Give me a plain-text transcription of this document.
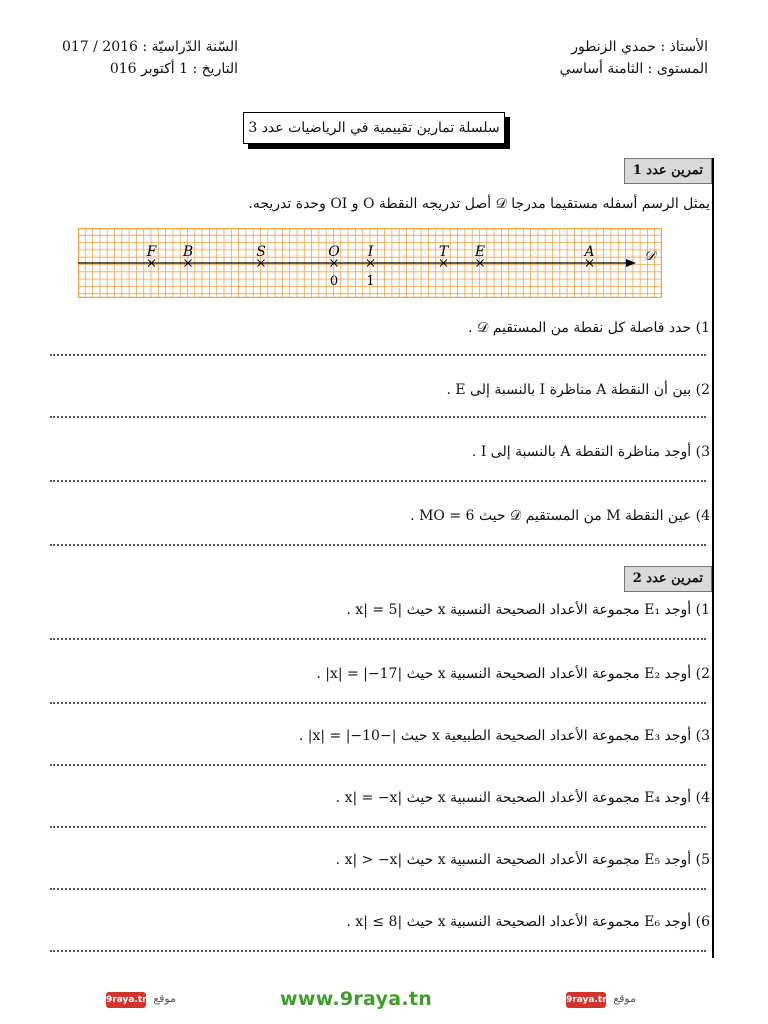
الأستاذ : حمدي الزنطور
المستوى : الثامنة أساسي
السّنة الدّراسيّة : 2016 / 017
التاريخ : 1 أكتوبر 016
سلسلة تمارين تقييمية في الرياضيات عدد 3
تمرين عدد 1
يمثل الرسم أسفله مستقيما مدرجا 𝒟 أصل تدريجه النقطة O و OI وحدة تدريجه.
𝒟
F B	S	O I	T E	A
0 1
1) حدد فاصلة كل نقطة من المستقيم 𝒟 .
2) بين أن النقطة A مناظرة I بالنسبة إلى E .
3) أوجد مناظرة النقطة A بالنسبة إلى I .
4) عين النقطة M من المستقيم 𝒟 حيث MO = 6 .
تمرين عدد 2
1) أوجد E₁ مجموعة الأعداد الصحيحة النسبية x حيث |x| = 5 .
2) أوجد E₂ مجموعة الأعداد الصحيحة النسبية x حيث |x| = |−17| .
3) أوجد E₃ مجموعة الأعداد الصحيحة الطبيعية x حيث |−x| = |−10| .
4) أوجد E₄ مجموعة الأعداد الصحيحة النسبية x حيث |x| = −x .
5) أوجد E₅ مجموعة الأعداد الصحيحة النسبية x حيث |x| > −x .
6) أوجد E₆ مجموعة الأعداد الصحيحة النسبية x حيث |x| ≤ 8 .
9raya.tn موقع	www.9raya.tn	9raya.tn موقع
